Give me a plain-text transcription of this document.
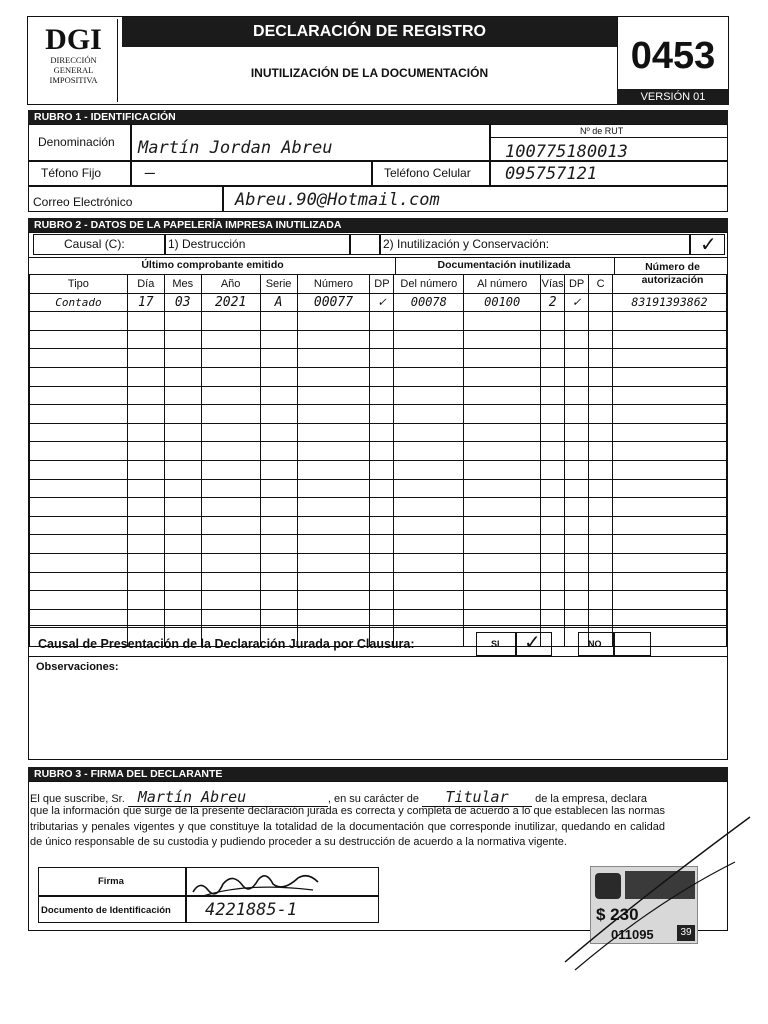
DGI
DIRECCIÓN
GENERAL
IMPOSITIVA
DECLARACIÓN DE REGISTRO
INUTILIZACIÓN DE LA DOCUMENTACIÓN	0453
VERSIÓN 01
RUBRO 1 - IDENTIFICACIÓN
Denominación Martín Jordan Abreu
Nº de RUT
100775180013
Téfono Fijo	—	Teléfono Celular 095757121
Correo Electrónico	Abreu.90@Hotmail.com
RUBRO 2 - DATOS DE LA PAPELERÍA IMPRESA INUTILIZADA
Causal (C):	1) Destrucción	2) Inutilización y Conservación:	✓
Último comprobante emitido	Documentación inutilizada	Número de autorización
Tipo	Día	Mes	Año	Serie	Número	DP	Del número	Al número	Vías	DP	C	
Contado	17	03	2021	A	00077	✓	00078	00100	2	✓		83191393862

Causal de Presentación de la Declaración Jurada por Clausura:	SI ✓	NO
Observaciones:
RUBRO 3 - FIRMA DEL DECLARANTE
El que suscribe, Sr. Martín Abreu	, en su carácter de Titular de la empresa, declara
que la información que surge de la presente declaración jurada es correcta y completa de acuerdo a lo que establecen las normas tributarias y penales vigentes y que constituye la totalidad de la documentación que corresponde inutilizar, quedando en calidad de único responsable de su custodia y pudiendo proceder a su destrucción de acuerdo a la normativa vigente.
Firma
Documento de Identificación 4221885-1	$ 230
011095	39
